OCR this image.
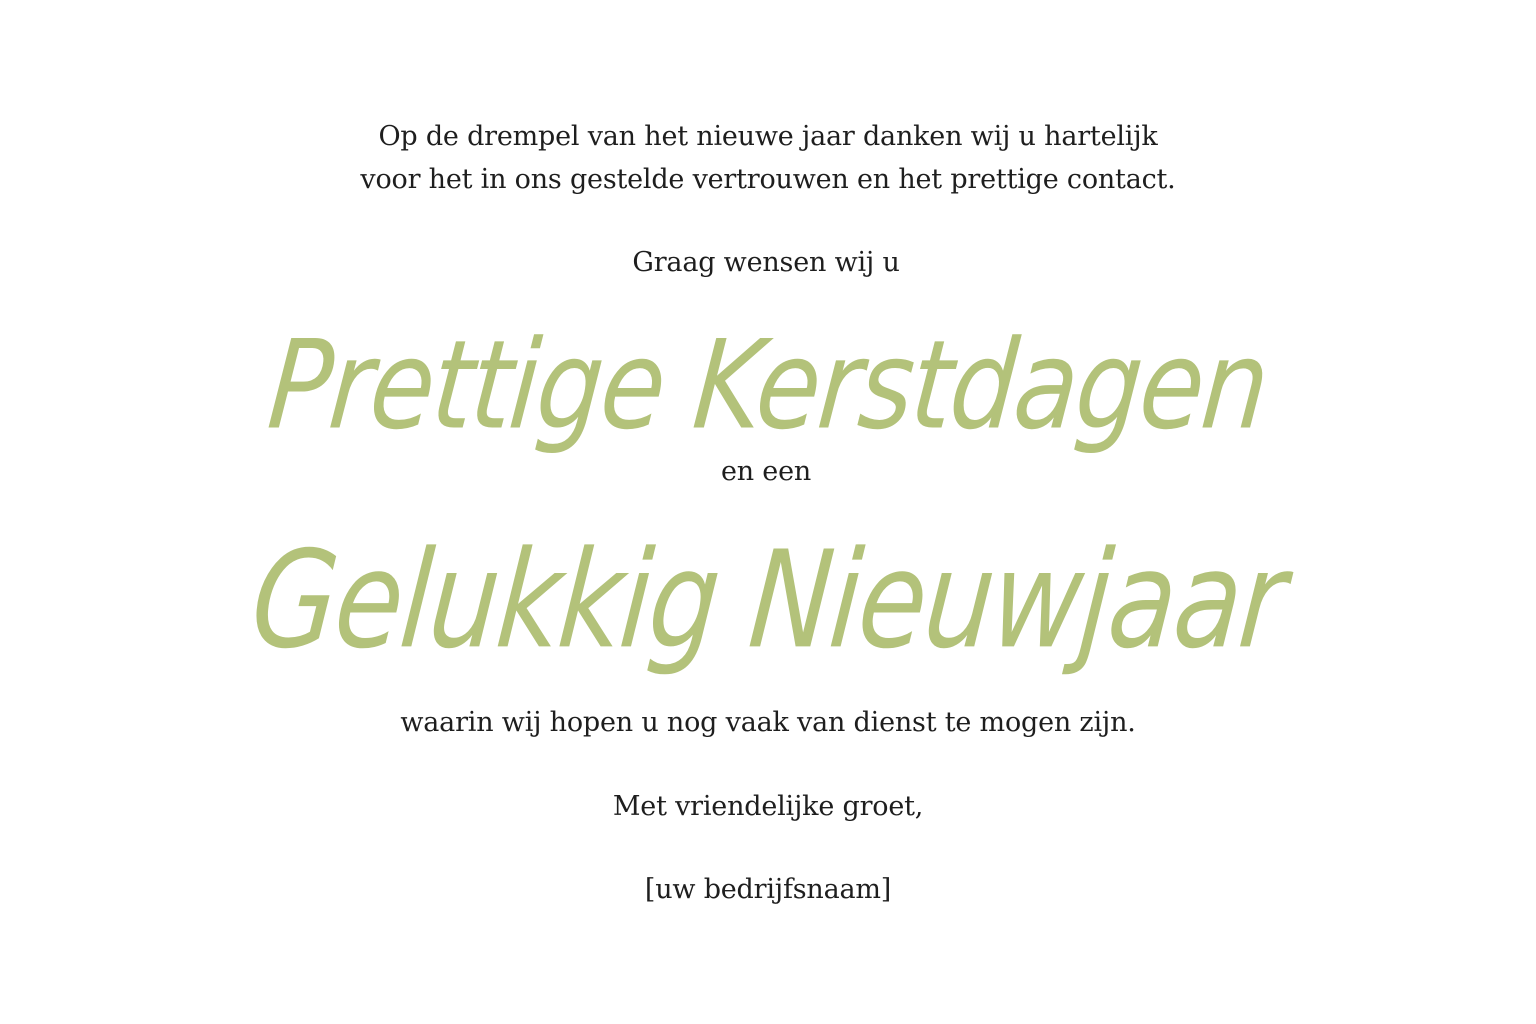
Op de drempel van het nieuwe jaar danken wij u hartelijk
voor het in ons gestelde vertrouwen en het prettige contact.
Graag wensen wij u
Prettige Kerstdagen
en een
Gelukkig Nieuwjaar
waarin wij hopen u nog vaak van dienst te mogen zijn.
Met vriendelijke groet,
[uw bedrijfsnaam]
